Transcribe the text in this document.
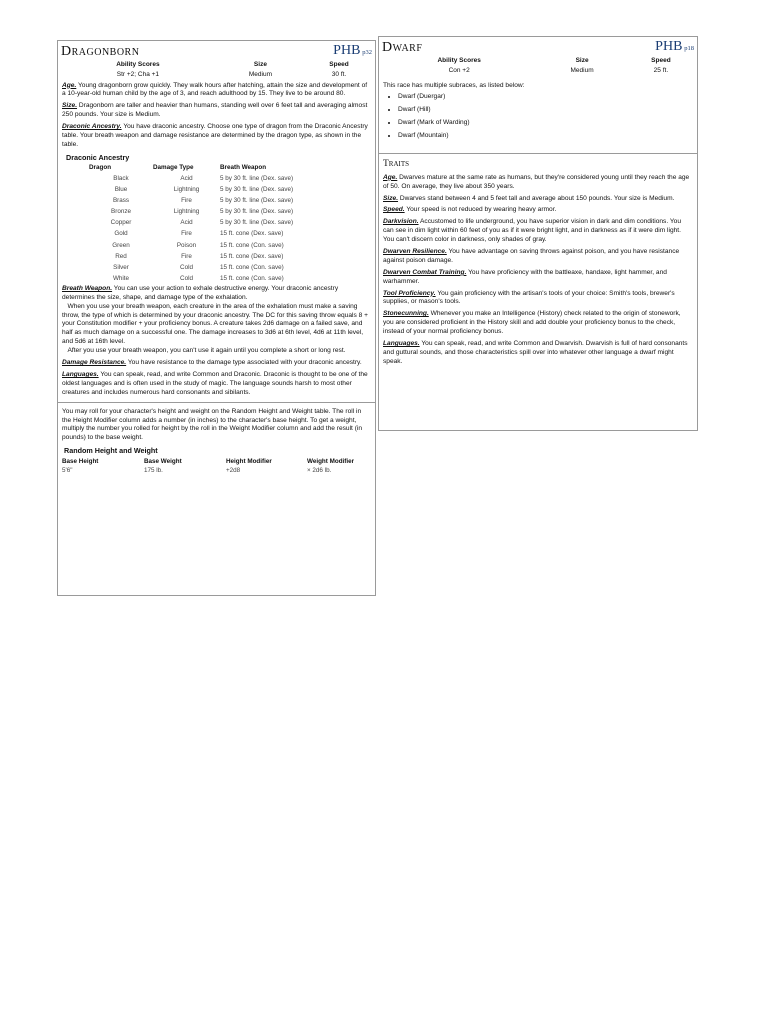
Dragonborn	PHB p32
Ability Scores	Size	Speed
Str +2; Cha +1	Medium	30 ft.

Age. Young dragonborn grow quickly. They walk hours after hatching, attain the size and development of a 10-year-old human child by the age of 3, and reach adulthood by 15. They live to be around 80.

Size. Dragonborn are taller and heavier than humans, standing well over 6 feet tall and averaging almost 250 pounds. Your size is Medium.

Draconic Ancestry. You have draconic ancestry. Choose one type of dragon from the Draconic Ancestry table. Your breath weapon and damage resistance are determined by the dragon type, as shown in the table.

Draconic Ancestry
Dragon	Damage Type	Breath Weapon
Black	Acid	5 by 30 ft. line (Dex. save)
Blue	Lightning	5 by 30 ft. line (Dex. save)
Brass	Fire	5 by 30 ft. line (Dex. save)
Bronze	Lightning	5 by 30 ft. line (Dex. save)
Copper	Acid	5 by 30 ft. line (Dex. save)
Gold	Fire	15 ft. cone (Dex. save)
Green	Poison	15 ft. cone (Con. save)
Red	Fire	15 ft. cone (Dex. save)
Silver	Cold	15 ft. cone (Con. save)
White	Cold	15 ft. cone (Con. save)

Breath Weapon. You can use your action to exhale destructive energy. Your draconic ancestry determines the size, shape, and damage type of the exhalation.
When you use your breath weapon, each creature in the area of the exhalation must make a saving throw, the type of which is determined by your draconic ancestry. The DC for this saving throw equals 8 + your Constitution modifier + your proficiency bonus. A creature takes 2d6 damage on a failed save, and half as much damage on a successful one. The damage increases to 3d6 at 6th level, 4d6 at 11th level, and 5d6 at 16th level.
After you use your breath weapon, you can't use it again until you complete a short or long rest.

Damage Resistance. You have resistance to the damage type associated with your draconic ancestry.

Languages. You can speak, read, and write Common and Draconic. Draconic is thought to be one of the oldest languages and is often used in the study of magic. The language sounds harsh to most other creatures and includes numerous hard consonants and sibilants.

You may roll for your character's height and weight on the Random Height and Weight table. The roll in the Height Modifier column adds a number (in inches) to the character's base height. To get a weight, multiply the number you rolled for height by the roll in the Weight Modifier column and add the result (in pounds) to the base weight.

Random Height and Weight
Base Height	Base Weight	Height Modifier	Weight Modifier
5'6"	175 lb.	+2d8	× 2d6 lb.
Dwarf	PHB p18
Ability Scores	Size	Speed
Con +2	Medium	25 ft.

This race has multiple subraces, as listed below:

• Dwarf (Duergar)
• Dwarf (Hill)
• Dwarf (Mark of Warding)
• Dwarf (Mountain)
Traits

Age. Dwarves mature at the same rate as humans, but they're considered young until they reach the age of 50. On average, they live about 350 years.

Size. Dwarves stand between 4 and 5 feet tall and average about 150 pounds. Your size is Medium.

Speed. Your speed is not reduced by wearing heavy armor.

Darkvision. Accustomed to life underground, you have superior vision in dark and dim conditions. You can see in dim light within 60 feet of you as if it were bright light, and in darkness as if it were dim light. You can't discern color in darkness, only shades of gray.

Dwarven Resilience. You have advantage on saving throws against poison, and you have resistance against poison damage.

Dwarven Combat Training. You have proficiency with the battleaxe, handaxe, light hammer, and warhammer.

Tool Proficiency. You gain proficiency with the artisan's tools of your choice: Smith's tools, brewer's supplies, or mason's tools.

Stonecunning. Whenever you make an Intelligence (History) check related to the origin of stonework, you are considered proficient in the History skill and add double your proficiency bonus to the check, instead of your normal proficiency bonus.

Languages. You can speak, read, and write Common and Dwarvish. Dwarvish is full of hard consonants and guttural sounds, and those characteristics spill over into whatever other language a dwarf might speak.
